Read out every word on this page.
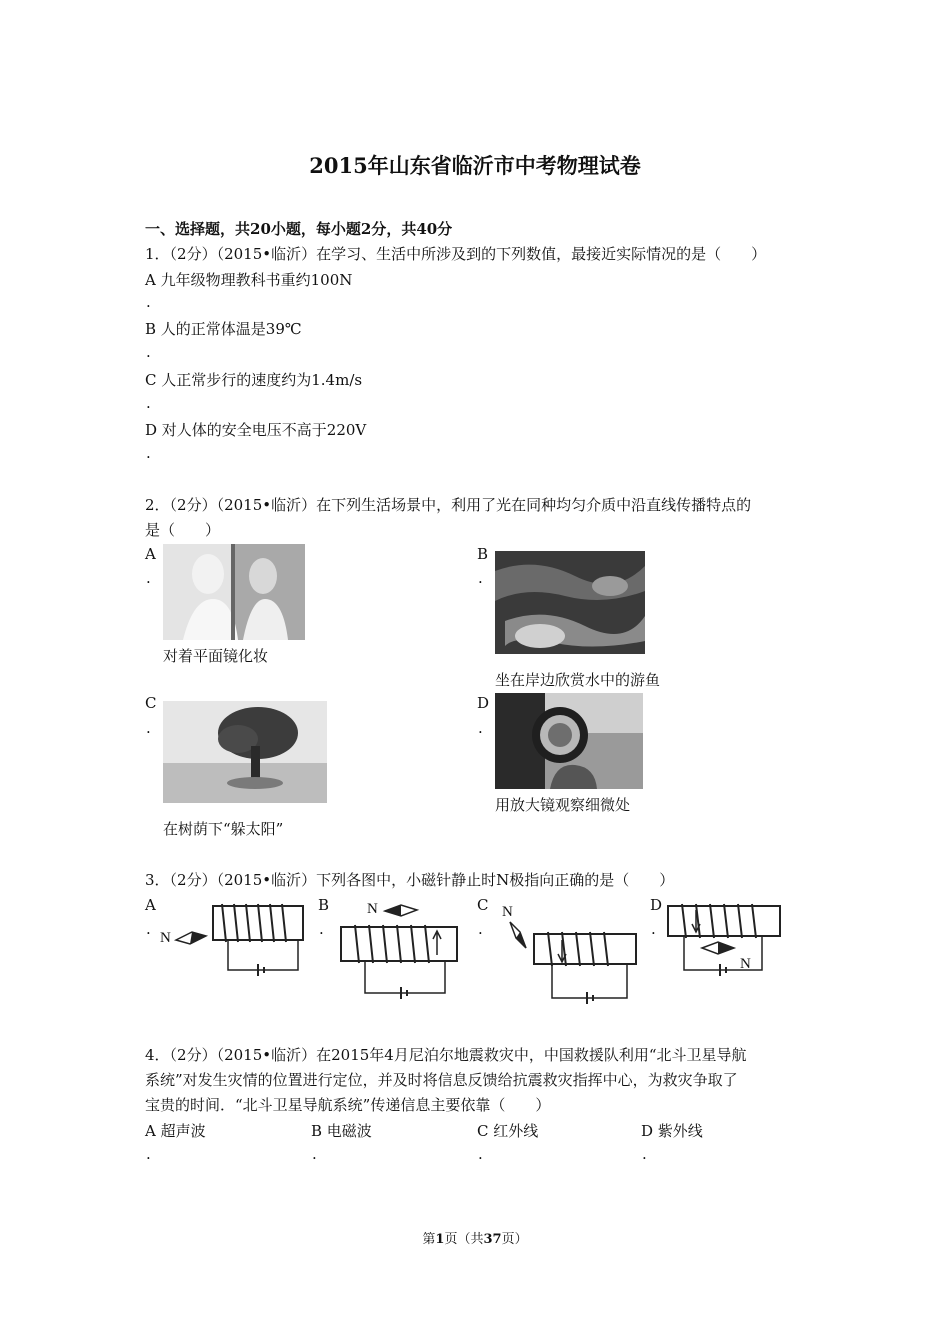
2015年山东省临沂市中考物理试卷
一、选择题，共20小题，每小题2分，共40分
1．（2分）（2015•临沂）在学习、生活中所涉及到的下列数值，最接近实际情况的是（　　）
A 九年级物理教科书重约100N
.
B 人的正常体温是39℃
.
C 人正常步行的速度约为1.4m/s
.
D 对人体的安全电压不高于220V
.
2．（2分）（2015•临沂）在下列生活场景中，利用了光在同种均匀介质中沿直线传播特点的
是（　　）
A
.
对着平面镜化妆
B
.
坐在岸边欣赏水中的游鱼
C
.
在树荫下“躲太阳”
D
.
用放大镜观察细微处
3．（2分）（2015•临沂）下列各图中，小磁针静止时N极指向正确的是（　　）
A
. N
B
.
N	C
.
N	D
.
N
4．（2分）（2015•临沂）在2015年4月尼泊尔地震救灾中，中国救援队利用“北斗卫星导航
系统”对发生灾情的位置进行定位，并及时将信息反馈给抗震救灾指挥中心，为救灾争取了
宝贵的时间．“北斗卫星导航系统”传递信息主要依靠（　　）
A 超声波
.
B 电磁波
.
C 红外线
.
D 紫外线
.
第1页（共37页）
